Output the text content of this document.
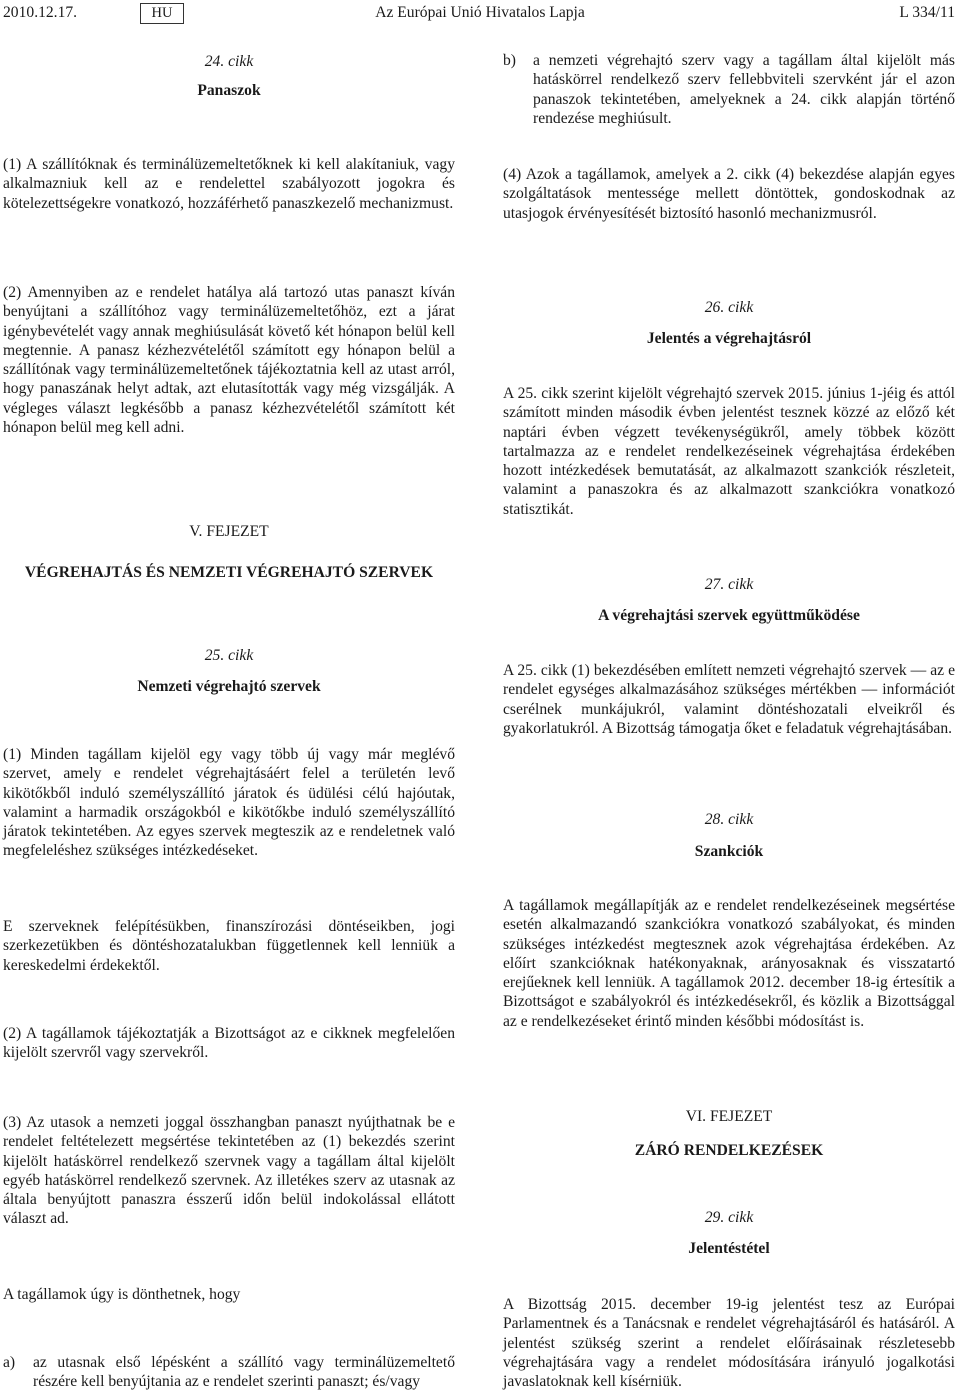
2010.12.17.	HU	Az Európai Unió Hivatalos Lapja	L 334/11

24. cikk

Panaszok

(1) A szállítóknak és terminálüzemeltetőknek ki kell alakítaniuk, vagy alkalmazniuk kell az e rendelettel szabályozott jogokra és kötelezettségekre vonatkozó, hozzáférhető panaszkezelő mechanizmust.

(2) Amennyiben az e rendelet hatálya alá tartozó utas panaszt kíván benyújtani a szállítóhoz vagy terminálüzemeltetőhöz, ezt a járat igénybevételét vagy annak meghiúsulását követő két hónapon belül kell megtennie. A panasz kézhezvételétől számított egy hónapon belül a szállítónak vagy terminálüzemeltetőnek tájékoztatnia kell az utast arról, hogy panaszának helyt adtak, azt elutasították vagy még vizsgálják. A végleges választ legkésőbb a panasz kézhezvételétől számított két hónapon belül meg kell adni.

V. FEJEZET

VÉGREHAJTÁS ÉS NEMZETI VÉGREHAJTÓ SZERVEK

25. cikk

Nemzeti végrehajtó szervek

(1) Minden tagállam kijelöl egy vagy több új vagy már meglévő szervet, amely e rendelet végrehajtásáért felel a területén levő kikötőkből induló személyszállító járatok és üdülési célú hajóutak, valamint a harmadik országokból e kikötőkbe induló személyszállító járatok tekintetében. Az egyes szervek megteszik az e rendeletnek való megfeleléshez szükséges intézkedéseket.

E szerveknek felépítésükben, finanszírozási döntéseikben, jogi szerkezetükben és döntéshozatalukban függetlennek kell lenniük a kereskedelmi érdekektől.

(2) A tagállamok tájékoztatják a Bizottságot az e cikknek megfelelően kijelölt szervről vagy szervekről.

(3) Az utasok a nemzeti joggal összhangban panaszt nyújthatnak be e rendelet feltételezett megsértése tekintetében az (1) bekezdés szerint kijelölt hatáskörrel rendelkező szervnek vagy a tagállam által kijelölt egyéb hatáskörrel rendelkező szervnek. Az illetékes szerv az utasnak az általa benyújtott panaszra ésszerű időn belül indokolással ellátott választ ad.

A tagállamok úgy is dönthetnek, hogy

a) az utasnak első lépésként a szállító vagy terminálüzemeltető részére kell benyújtania az e rendelet szerinti panaszt; és/vagy
b) a nemzeti végrehajtó szerv vagy a tagállam által kijelölt más hatáskörrel rendelkező szerv fellebbviteli szervként jár el azon panaszok tekintetében, amelyeknek a 24. cikk alapján történő rendezése meghiúsult.

(4) Azok a tagállamok, amelyek a 2. cikk (4) bekezdése alapján egyes szolgáltatások mentessége mellett döntöttek, gondoskodnak az utasjogok érvényesítését biztosító hasonló mechanizmusról.

26. cikk

Jelentés a végrehajtásról

A 25. cikk szerint kijelölt végrehajtó szervek 2015. június 1-jéig és attól számított minden második évben jelentést tesznek közzé az előző két naptári évben végzett tevékenységükről, amely többek között tartalmazza az e rendelet rendelkezéseinek végrehajtása érdekében hozott intézkedések bemutatását, az alkalmazott szankciók részleteit, valamint a panaszokra és az alkalmazott szankciókra vonatkozó statisztikát.

27. cikk

A végrehajtási szervek együttműködése

A 25. cikk (1) bekezdésében említett nemzeti végrehajtó szervek — az e rendelet egységes alkalmazásához szükséges mértékben — információt cserélnek munkájukról, valamint döntéshozatali elveikről és gyakorlatukról. A Bizottság támogatja őket e feladatuk végrehajtásában.

28. cikk

Szankciók

A tagállamok megállapítják az e rendelet rendelkezéseinek megsértése esetén alkalmazandó szankciókra vonatkozó szabályokat, és minden szükséges intézkedést megtesznek azok végrehajtása érdekében. Az előírt szankcióknak hatékonyaknak, arányosaknak és visszatartó erejűeknek kell lenniük. A tagállamok 2012. december 18-ig értesítik a Bizottságot e szabályokról és intézkedésekről, és közlik a Bizottsággal az e rendelkezéseket érintő minden későbbi módosítást is.

VI. FEJEZET

ZÁRÓ RENDELKEZÉSEK

29. cikk

Jelentéstétel

A Bizottság 2015. december 19-ig jelentést tesz az Európai Parlamentnek és a Tanácsnak e rendelet végrehajtásáról és hatásáról. A jelentést szükség szerint a rendelet előírásainak részletesebb végrehajtására vagy a rendelet módosítására irányuló jogalkotási javaslatoknak kell kísérniük.
